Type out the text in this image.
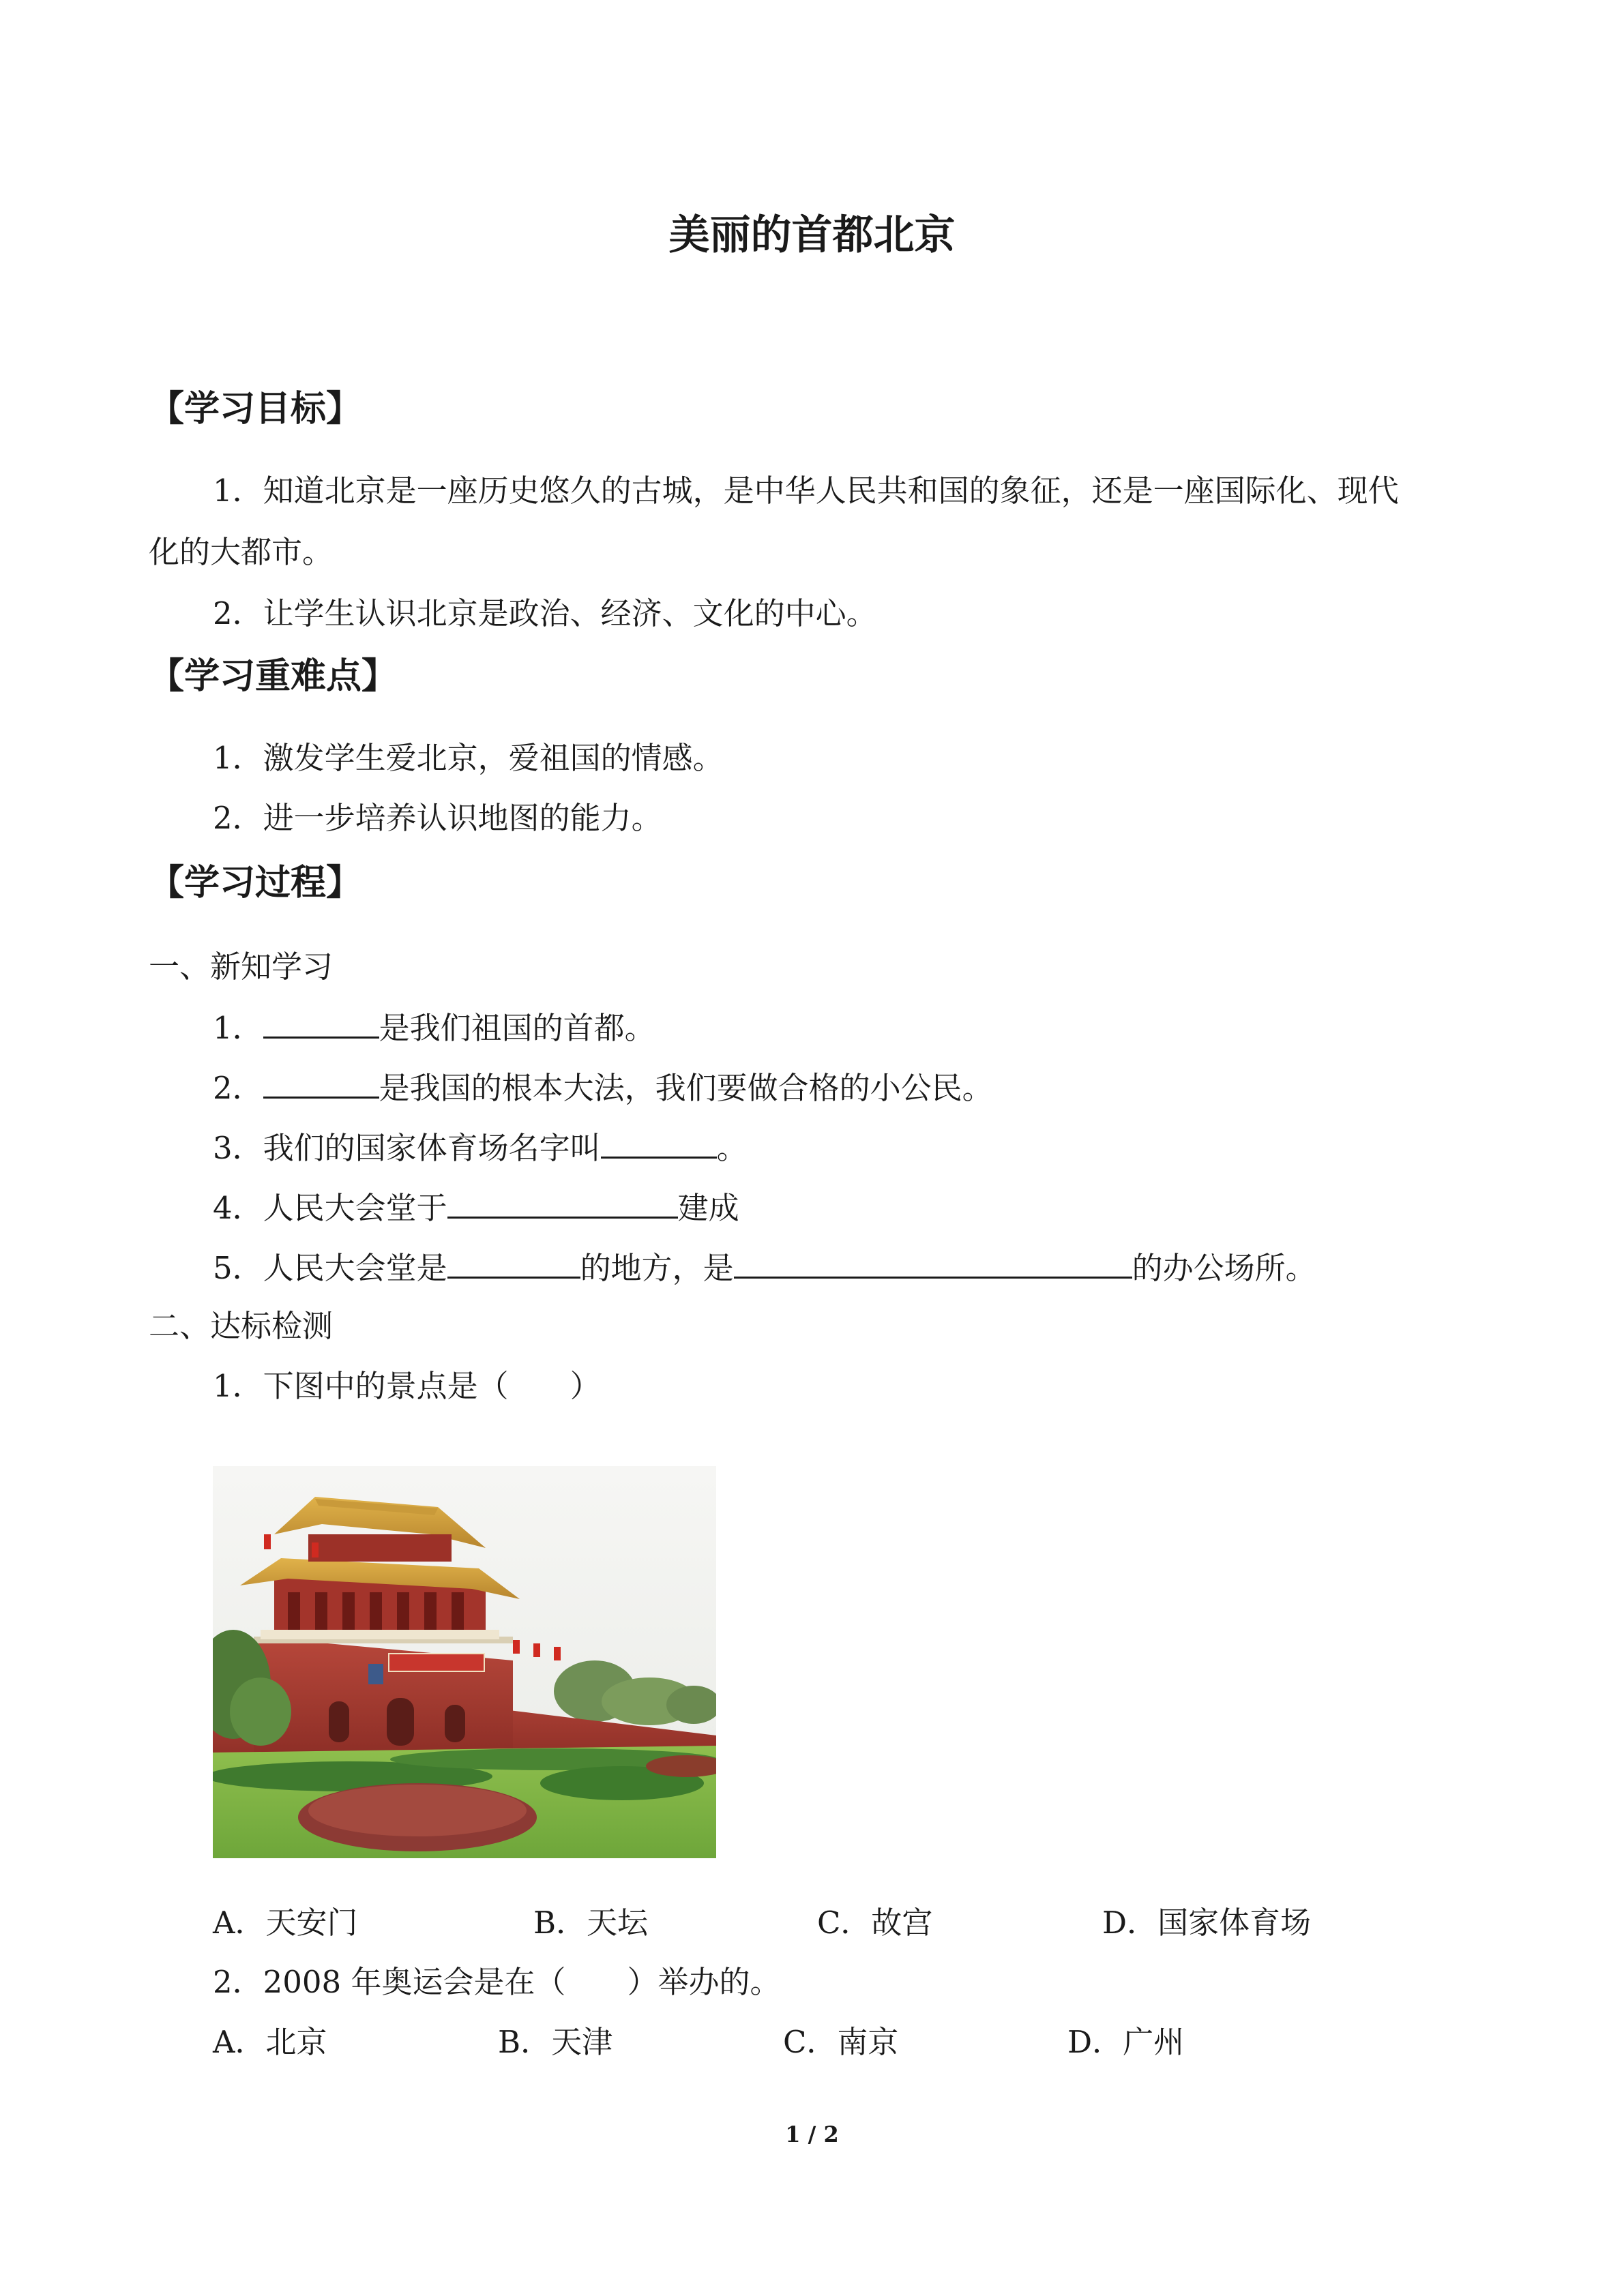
美丽的首都北京
【学习目标】
1．知道北京是一座历史悠久的古城，是中华人民共和国的象征，还是一座国际化、现代
化的大都市。
2．让学生认识北京是政治、经济、文化的中心。
【学习重难点】
1．激发学生爱北京，爱祖国的情感。
2．进一步培养认识地图的能力。
【学习过程】
一、新知学习
1．	是我们祖国的首都。
2．	是我国的根本大法，我们要做合格的小公民。
3．我们的国家体育场名字叫	。
4．人民大会堂于	建成
5．人民大会堂是	的地方，是	的办公场所。
二、达标检测
1．下图中的景点是（　　）
A．天安门	B．天坛	C．故宫	D．国家体育场
2．2008 年奥运会是在（　　）举办的。
A．北京	B．天津	C．南京	D．广州
1 / 2
